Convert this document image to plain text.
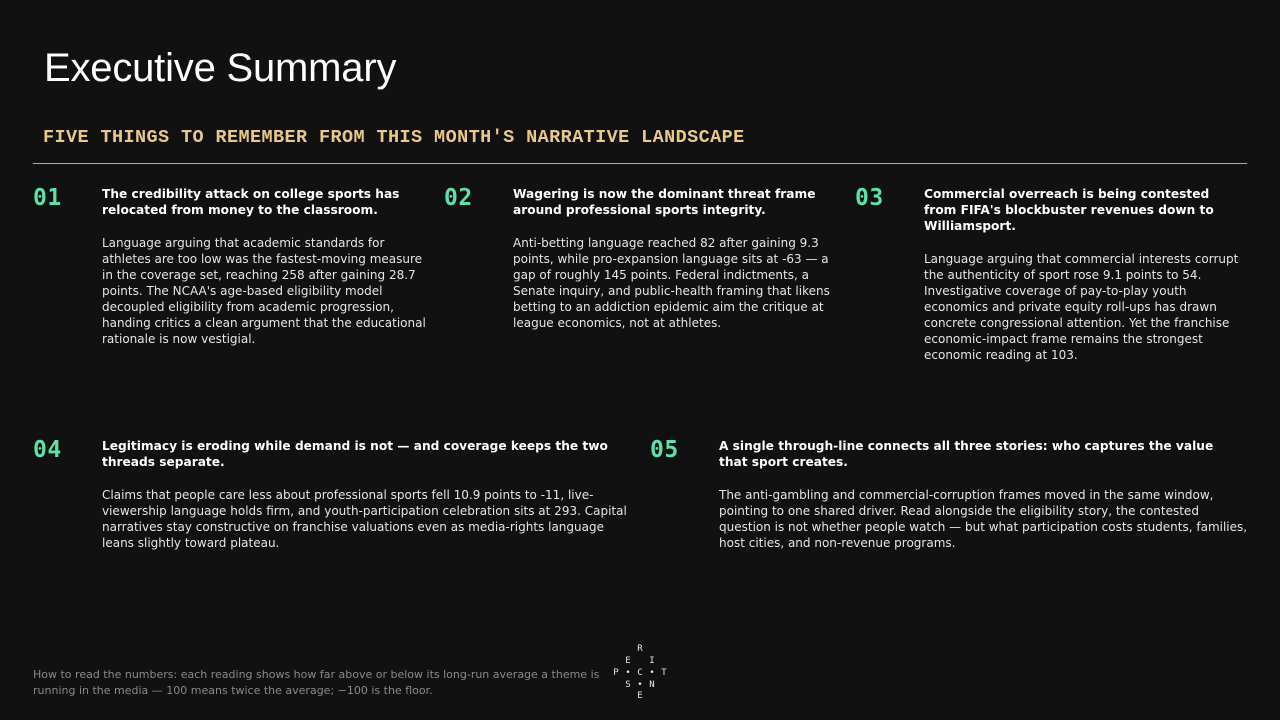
Executive Summary
FIVE THINGS TO REMEMBER FROM THIS MONTH'S NARRATIVE LANDSCAPE
01	The credibility attack on college sports has relocated from money to the classroom.

Language arguing that academic standards for athletes are too low was the fastest-moving measure in the coverage set, reaching 258 after gaining 28.7 points. The NCAA's age-based eligibility model decoupled eligibility from academic progression, handing critics a clean argument that the educational rationale is now vestigial.

02	Wagering is now the dominant threat frame around professional sports integrity.

Anti-betting language reached 82 after gaining 9.3 points, while pro-expansion language sits at -63 — a gap of roughly 145 points. Federal indictments, a Senate inquiry, and public-health framing that likens betting to an addiction epidemic aim the critique at league economics, not at athletes.

03	Commercial overreach is being contested from FIFA's blockbuster revenues down to Williamsport.

Language arguing that commercial interests corrupt the authenticity of sport rose 9.1 points to 54. Investigative coverage of pay-to-play youth economics and private equity roll-ups has drawn concrete congressional attention. Yet the franchise economic-impact frame remains the strongest economic reading at 103.

04	Legitimacy is eroding while demand is not — and coverage keeps the two threads separate.

Claims that people care less about professional sports fell 10.9 points to -11, live-viewership language holds firm, and youth-participation celebration sits at 293. Capital narratives stay constructive on franchise valuations even as media-rights language leans slightly toward plateau.

05	A single through-line connects all three stories: who captures the value that sport creates.

The anti-gambling and commercial-corruption frames moved in the same window, pointing to one shared driver. Read alongside the eligibility story, the contested question is not whether people watch — but what participation costs students, families, host cities, and non-revenue programs.

How to read the numbers: each reading shows how far above or below its long-run average a theme is running in the media — 100 means twice the average; −100 is the floor.

R
E I
• C • T
P
S • N
E
